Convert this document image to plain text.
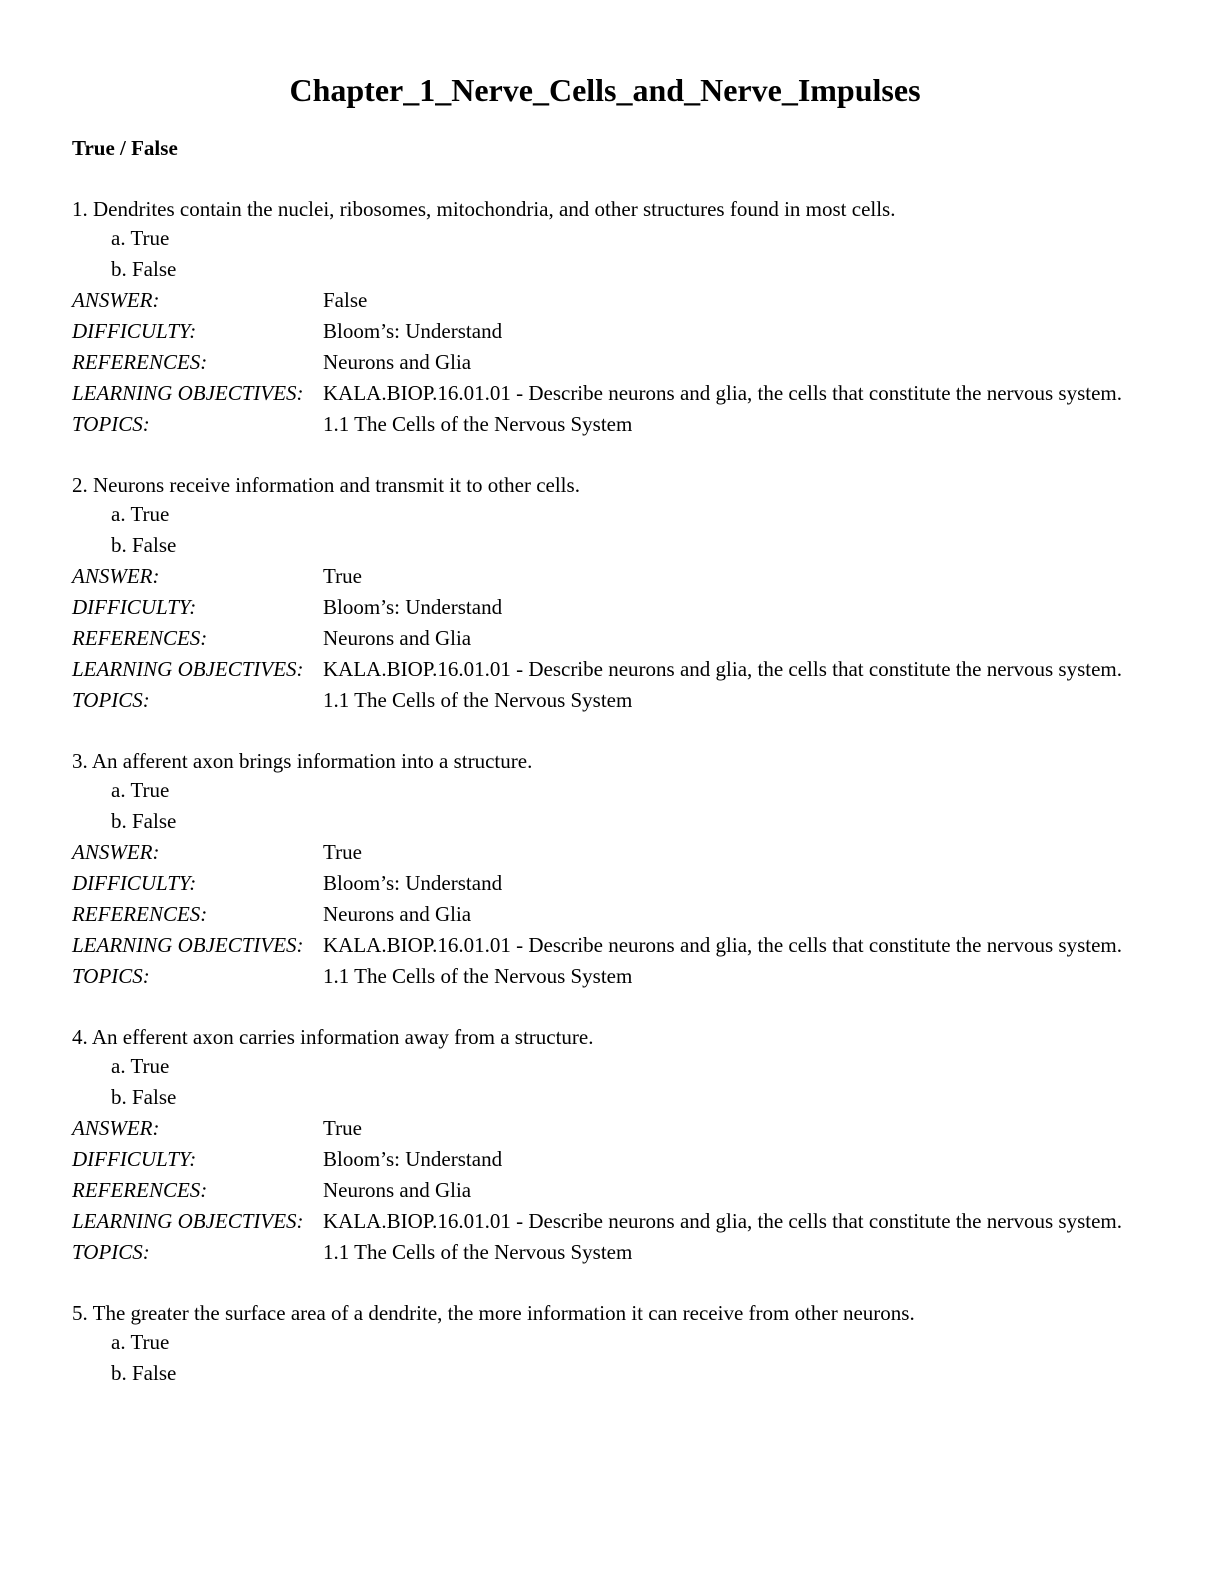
Chapter_1_Nerve_Cells_and_Nerve_Impulses
True / False
1. Dendrites contain the nuclei, ribosomes, mitochondria, and other structures found in most cells.
a. True
b. False
ANSWER:	False
DIFFICULTY:	Bloom’s: Understand
REFERENCES:	Neurons and Glia
LEARNING OBJECTIVES: KALA.BIOP.16.01.01 - Describe neurons and glia, the cells that constitute the nervous system.
TOPICS:	1.1 The Cells of the Nervous System
2. Neurons receive information and transmit it to other cells.
a. True
b. False
ANSWER:	True
DIFFICULTY:	Bloom’s: Understand
REFERENCES:	Neurons and Glia
LEARNING OBJECTIVES: KALA.BIOP.16.01.01 - Describe neurons and glia, the cells that constitute the nervous system.
TOPICS:	1.1 The Cells of the Nervous System
3. An afferent axon brings information into a structure.
a. True
b. False
ANSWER:	True
DIFFICULTY:	Bloom’s: Understand
REFERENCES:	Neurons and Glia
LEARNING OBJECTIVES: KALA.BIOP.16.01.01 - Describe neurons and glia, the cells that constitute the nervous system.
TOPICS:	1.1 The Cells of the Nervous System
4. An efferent axon carries information away from a structure.
a. True
b. False
ANSWER:	True
DIFFICULTY:	Bloom’s: Understand
REFERENCES:	Neurons and Glia
LEARNING OBJECTIVES: KALA.BIOP.16.01.01 - Describe neurons and glia, the cells that constitute the nervous system.
TOPICS:	1.1 The Cells of the Nervous System
5. The greater the surface area of a dendrite, the more information it can receive from other neurons.
a. True
b. False
